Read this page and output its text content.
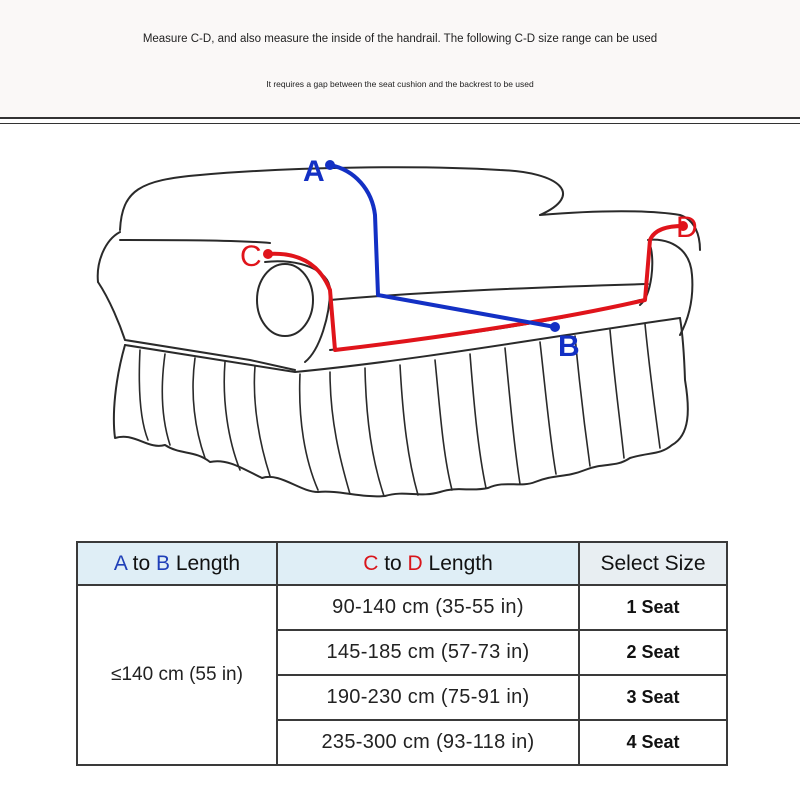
Measure C-D, and also measure the inside of the handrail. The following C-D size range can be used
It requires a gap between the seat cushion and the backrest to be used
A
B
C
D
A to B Length	C to D Length	Select Size
≤140 cm (55 in)	90-140 cm (35-55 in)	1 Seat
	145-185 cm (57-73 in)	2 Seat
	190-230 cm (75-91 in)	3 Seat
	235-300 cm (93-118 in)	4 Seat
